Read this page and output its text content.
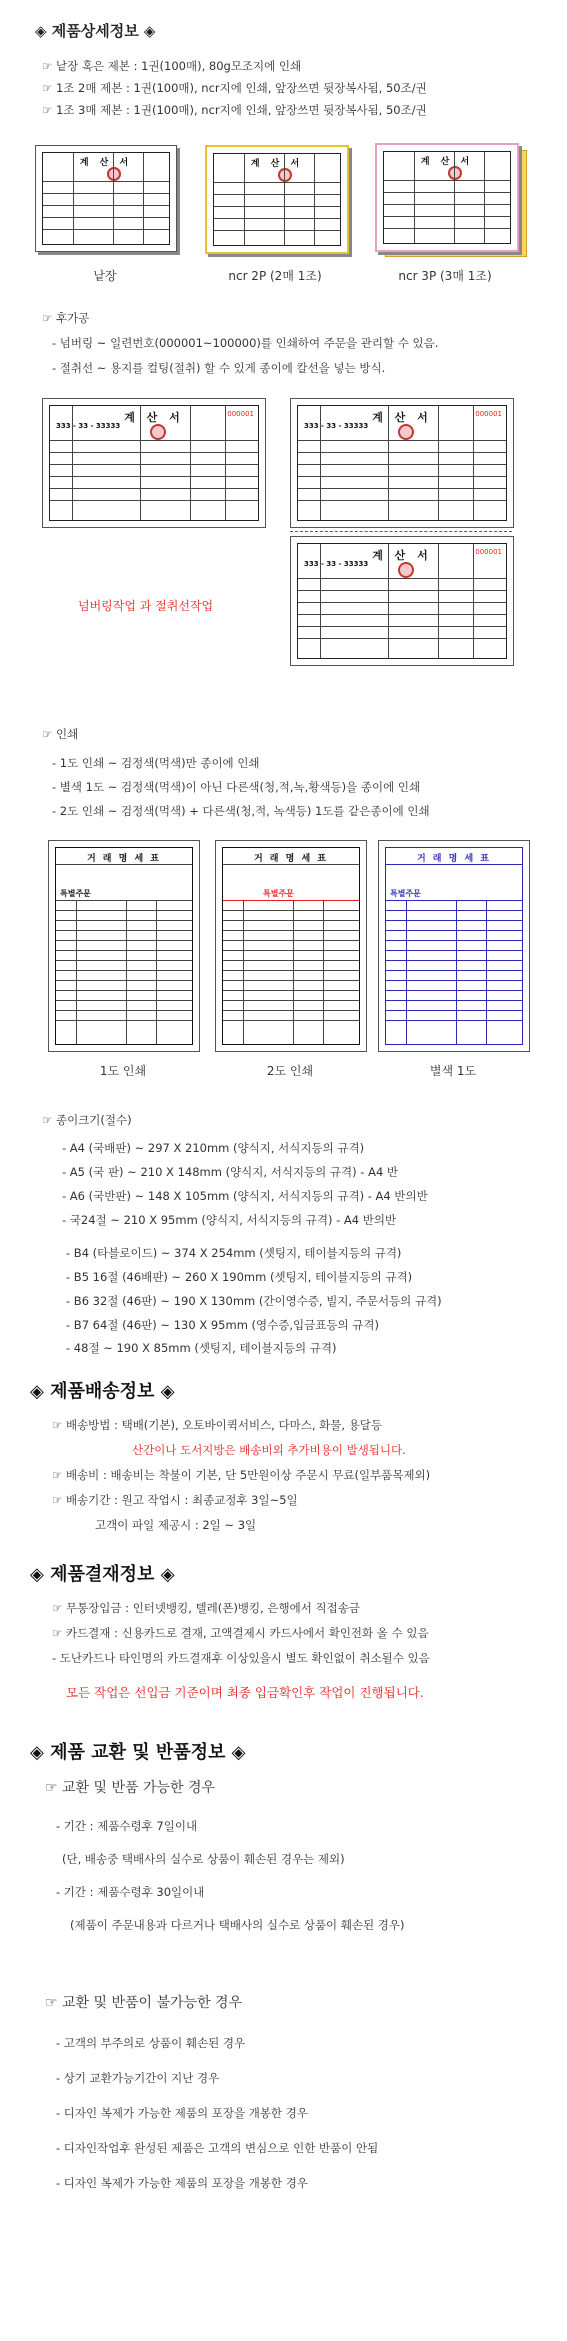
◈ 제품상세정보 ◈
☞ 낱장 혹은 제본 : 1권(100매), 80g모조지에 인쇄
☞ 1조 2매 제본 : 1권(100매), ncr지에 인쇄, 앞장쓰면 뒷장복사됨, 50조/권
☞ 1조 3매 제본 : 1권(100매), ncr지에 인쇄, 앞장쓰면 뒷장복사됨, 50조/권
계 산 서	계 산 서	계 산 서
낱장	ncr 2P (2매 1조)	ncr 3P (3매 1조)
☞ 후가공
- 넘버링 ~ 일련번호(000001~100000)를 인쇄하여 주문을 관리할 수 있음.
- 절취선 ~ 용지를 컬팅(절취) 할 수 있게 종이에 칼선을 넣는 방식.
계 산 서	000001
333 - 33 - 33333
계 산 서	000001
333 - 33 - 33333
계 산 서	000001
333 - 33 - 33333
넘버링작업 과 절취선작업
☞ 인쇄
- 1도 인쇄 ~ 검정색(먹색)만 종이에 인쇄
- 별색 1도 ~ 검정색(먹색)이 아닌 다른색(청,적,녹,황색등)을 종이에 인쇄
- 2도 인쇄 ~ 검정색(먹색) + 다른색(청,적, 녹색등) 1도를 같은종이에 인쇄
거 래 명 세 표
특별주문
거 래 명 세 표
특별주문
거 래 명 세 표
특별주문
1도 인쇄	2도 인쇄	별색 1도
☞ 종이크기(절수)
- A4 (국배판) ~ 297 X 210mm (양식지, 서식지등의 규격)
- A5 (국 판) ~ 210 X 148mm (양식지, 서식지등의 규격) - A4 반
- A6 (국반판) ~ 148 X 105mm (양식지, 서식지등의 규격) - A4 반의반
- 국24절 ~ 210 X 95mm (양식지, 서식지등의 규격) - A4 반의반
- B4 (타블로이드) ~ 374 X 254mm (셋팅지, 테이블지등의 규격)
- B5 16절 (46배판) ~ 260 X 190mm (셋팅지, 테이블지등의 규격)
- B6 32절 (46판) ~ 190 X 130mm (간이영수증, 빌지, 주문서등의 규격)
- B7 64절 (46판) ~ 130 X 95mm (영수증,입금표등의 규격)
- 48절 ~ 190 X 85mm (셋팅지, 테이블지등의 규격)
◈ 제품배송정보 ◈
☞ 배송방법 : 택배(기본), 오토바이퀵서비스, 다마스, 화물, 용달등
산간이나 도서지방은 배송비외 추가비용이 발생됩니다.
☞ 배송비 : 배송비는 착불이 기본, 단 5만원이상 주문시 무료(일부품목제외)
☞ 배송기간 : 원고 작업시 : 최종교정후 3일~5일
고객이 파일 제공시 : 2일 ~ 3일
◈ 제품결재정보 ◈
☞ 무통장입금 : 인터넷뱅킹, 텔레(폰)뱅킹, 은행에서 직접송금
☞ 카드결재 : 신용카드로 결재, 고액결제시 카드사에서 확인전화 올 수 있음
- 도난카드나 타인명의 카드결재후 이상있을시 별도 확인없이 취소될수 있음
모든 작업은 선입금 기준이며 최종 입금확인후 작업이 진행됩니다.
◈ 제품 교환 및 반품정보 ◈
☞ 교환 및 반품 가능한 경우
- 기간 : 제품수령후 7일이내
(단, 배송중 택배사의 실수로 상품이 훼손된 경우는 제외)
- 기간 : 제품수령후 30일이내
(제품이 주문내용과 다르거나 택배사의 실수로 상품이 훼손된 경우)
☞ 교환 및 반품이 불가능한 경우
- 고객의 부주의로 상품이 훼손된 경우
- 상기 교환가능기간이 지난 경우
- 디자인 복제가 가능한 제품의 포장을 개봉한 경우
- 디자인작업후 완성된 제품은 고객의 변심으로 인한 반품이 안됨
- 디자인 복제가 가능한 제품의 포장을 개봉한 경우
